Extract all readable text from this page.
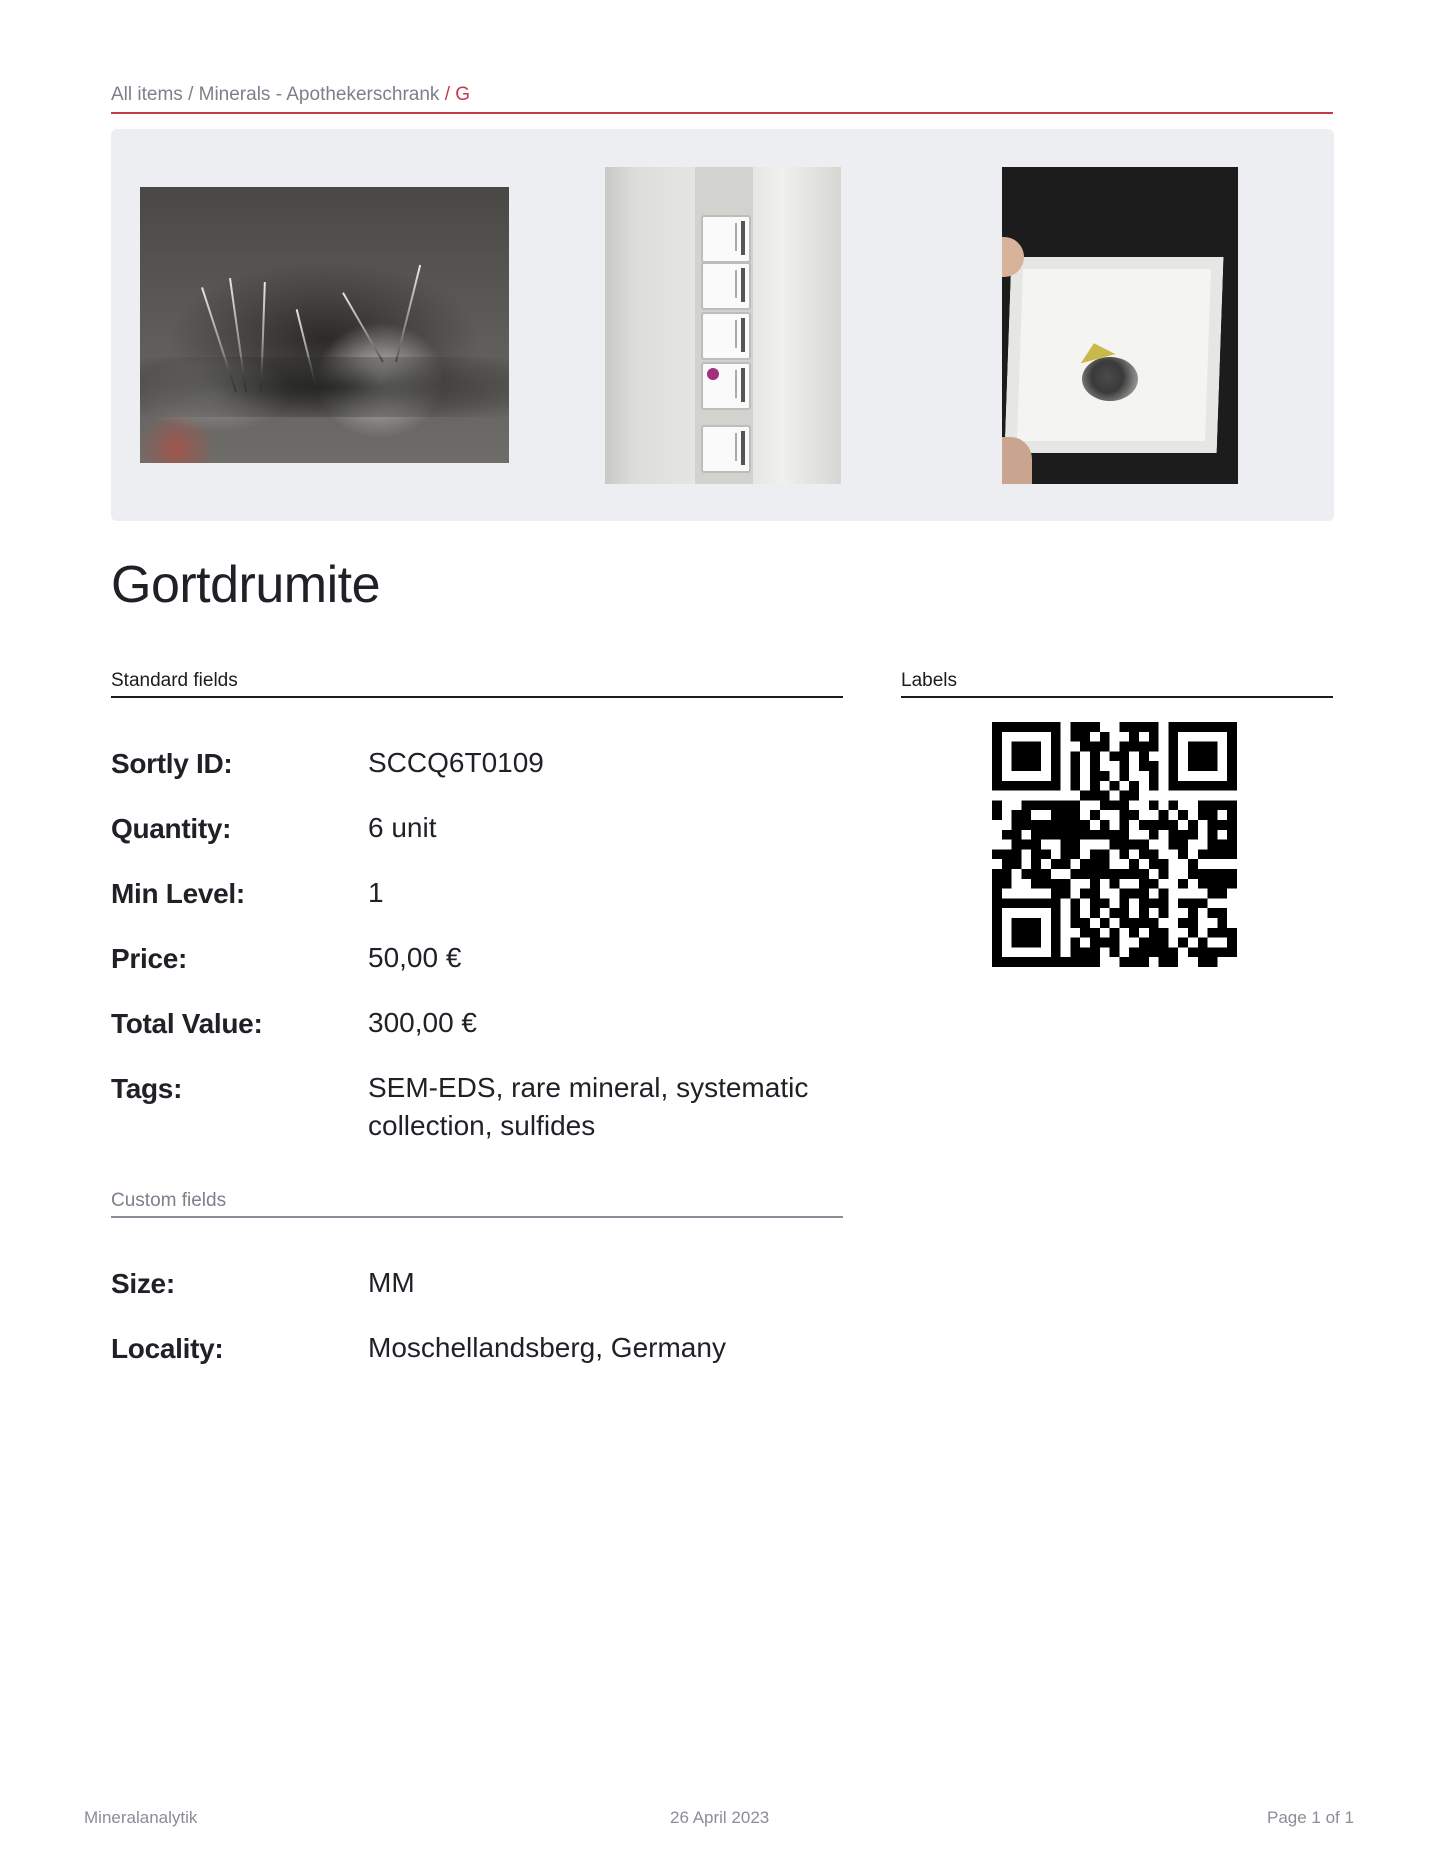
All items / Minerals - Apothekerschrank / G
Gortdrumite
Standard fields
Sortly ID:	SCCQ6T0109
Quantity:	6 unit
Min Level:	1
Price:	50,00 €
Total Value:	300,00 €
Tags:	SEM-EDS, rare mineral, systematic collection, sulfides
Custom fields
Size:	MM
Locality:	Moschellandsberg, Germany
Labels
Mineralanalytik	26 April 2023	Page 1 of 1
